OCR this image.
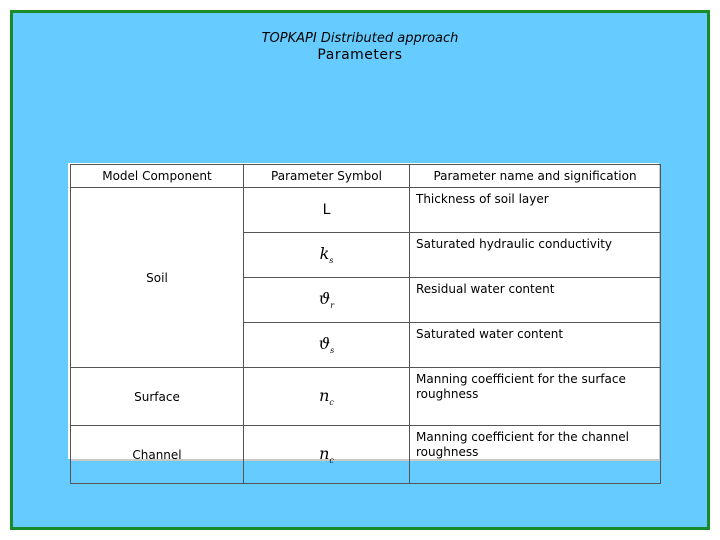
TOPKAPI Distributed approach
Parameters
Model Component	Parameter Symbol	Parameter name and signification
Soil	L	Thickness of soil layer
	$k_s$	Saturated hydraulic conductivity
	$ϑ_r$	Residual water content
	$ϑ_s$	Saturated water content
Surface	$n_c$	Manning coefficient for the surface roughness
Channel	$n_c$	Manning coefficient for the channel roughness
